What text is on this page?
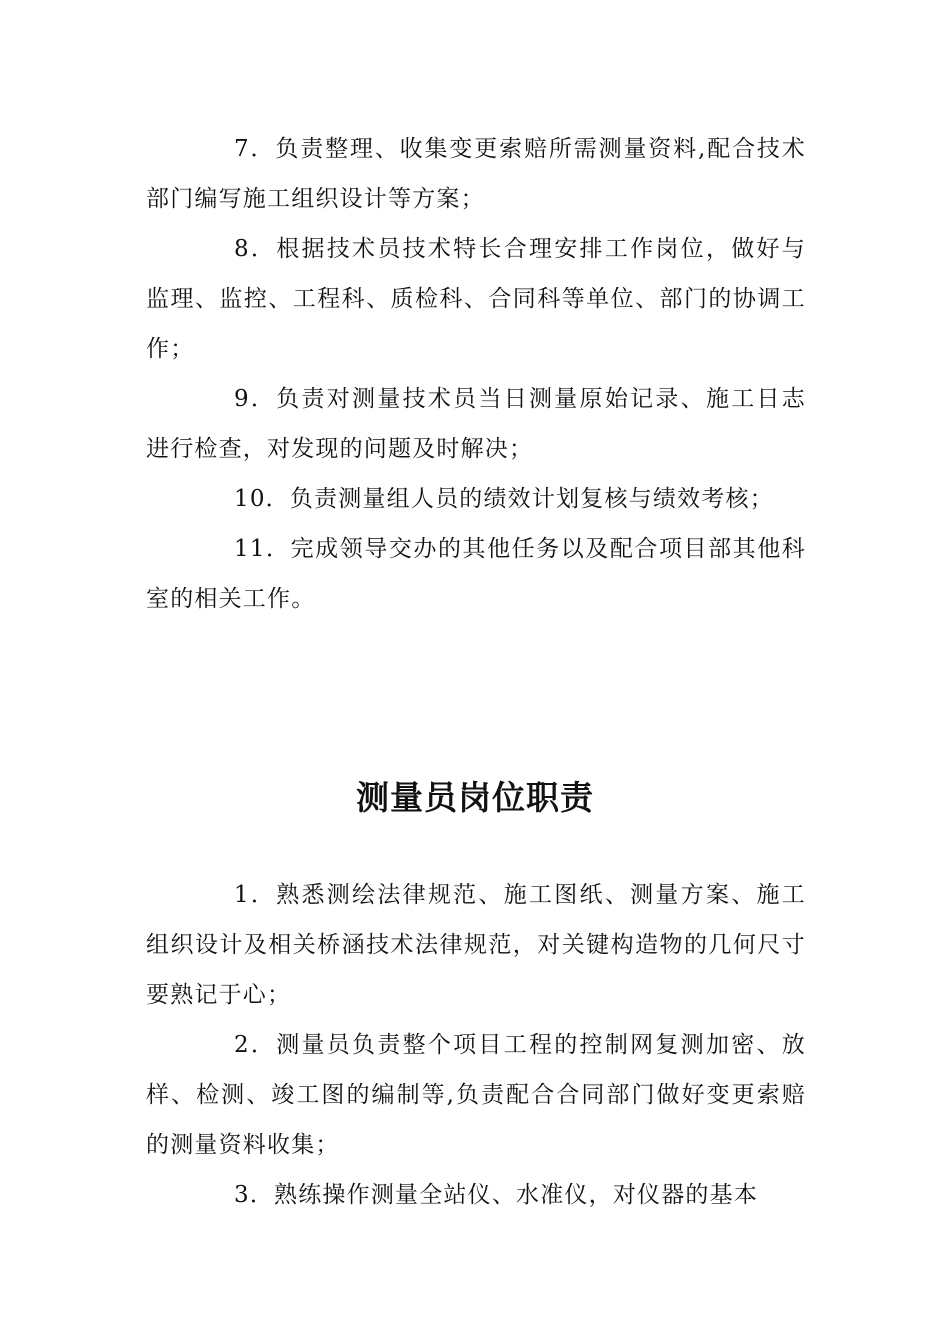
7．负责整理、收集变更索赔所需测量资料,配合技术部门编写施工组织设计等方案；

8．根据技术员技术特长合理安排工作岗位，做好与监理、监控、工程科、质检科、合同科等单位、部门的协调工作；

9．负责对测量技术员当日测量原始记录、施工日志进行检查，对发现的问题及时解决；

10．负责测量组人员的绩效计划复核与绩效考核；

11．完成领导交办的其他任务以及配合项目部其他科室的相关工作。

测量员岗位职责

1．熟悉测绘法律规范、施工图纸、测量方案、施工组织设计及相关桥涵技术法律规范，对关键构造物的几何尺寸要熟记于心；

2．测量员负责整个项目工程的控制网复测加密、放样、检测、竣工图的编制等,负责配合合同部门做好变更索赔的测量资料收集；

3．熟练操作测量全站仪、水准仪，对仪器的基本
